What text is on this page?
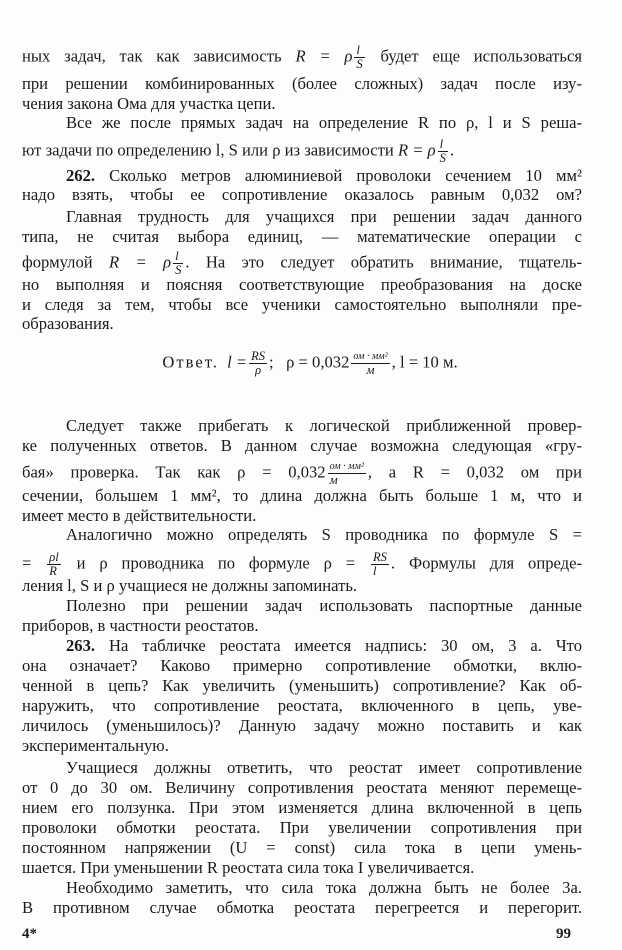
ных задач, так как зависимость R = ρ $\frac{l}{S}$ будет еще использоваться
при решении комбинированных (более сложных) задач после изу-
чения закона Ома для участка цепи.
Все же после прямых задач на определение R по ρ, l и S реша-
ют задачи по определению l, S или ρ из зависимости R = ρ $\frac{l}{S}$ .
262. Сколько метров алюминиевой проволоки сечением 10 мм²
надо взять, чтобы ее сопротивление оказалось равным 0,032 ом?
Главная трудность для учащихся при решении задач данного
типа, не считая выбора единиц, — математические операции с
формулой R = ρ $\frac{l}{S}$ . На это следует обратить внимание, тщатель-
но выполняя и поясняя соответствующие преобразования на доске
и следя за тем, чтобы все ученики самостоятельно выполняли пре-
образования.
Ответ. $l = \frac{RS}{\rho}$ ; $\rho = 0,032 \frac{\text{ом · мм²}}{м}$ , l = 10 м.
Следует также прибегать к логической приближенной провер-
ке полученных ответов. В данном случае возможна следующая «гру-
бая» проверка. Так как $\rho = 0,032 \frac{\text{ом · мм²}}{м}$ , а R = 0,032 ом при
сечении, большем 1 мм², то длина должна быть больше 1 м, что и
имеет место в действительности.
Аналогично можно определять S проводника по формуле S =
= $\frac{\rho l}{R}$ и ρ проводника по формуле $\rho = \frac{RS}{l}$ . Формулы для опреде-
ления l, S и ρ учащиеся не должны запоминать.
Полезно при решении задач использовать паспортные данные
приборов, в частности реостатов.
263. На табличке реостата имеется надпись: 30 ом, 3 а. Что
она означает? Каково примерно сопротивление обмотки, вклю-
ченной в цепь? Как увеличить (уменьшить) сопротивление? Как об-
наружить, что сопротивление реостата, включенного в цепь, уве-
личилось (уменьшилось)? Данную задачу можно поставить и как
экспериментальную.
Учащиеся должны ответить, что реостат имеет сопротивление
от 0 до 30 ом. Величину сопротивления реостата меняют перемеще-
нием его ползунка. При этом изменяется длина включенной в цепь
проволоки обмотки реостата. При увеличении сопротивления при
постоянном напряжении (U = const) сила тока в цепи умень-
шается. При уменьшении R реостата сила тока I увеличивается.
Необходимо заметить, что сила тока должна быть не более 3а.
В противном случае обмотка реостата перегреется и перегорит.
4*	99
